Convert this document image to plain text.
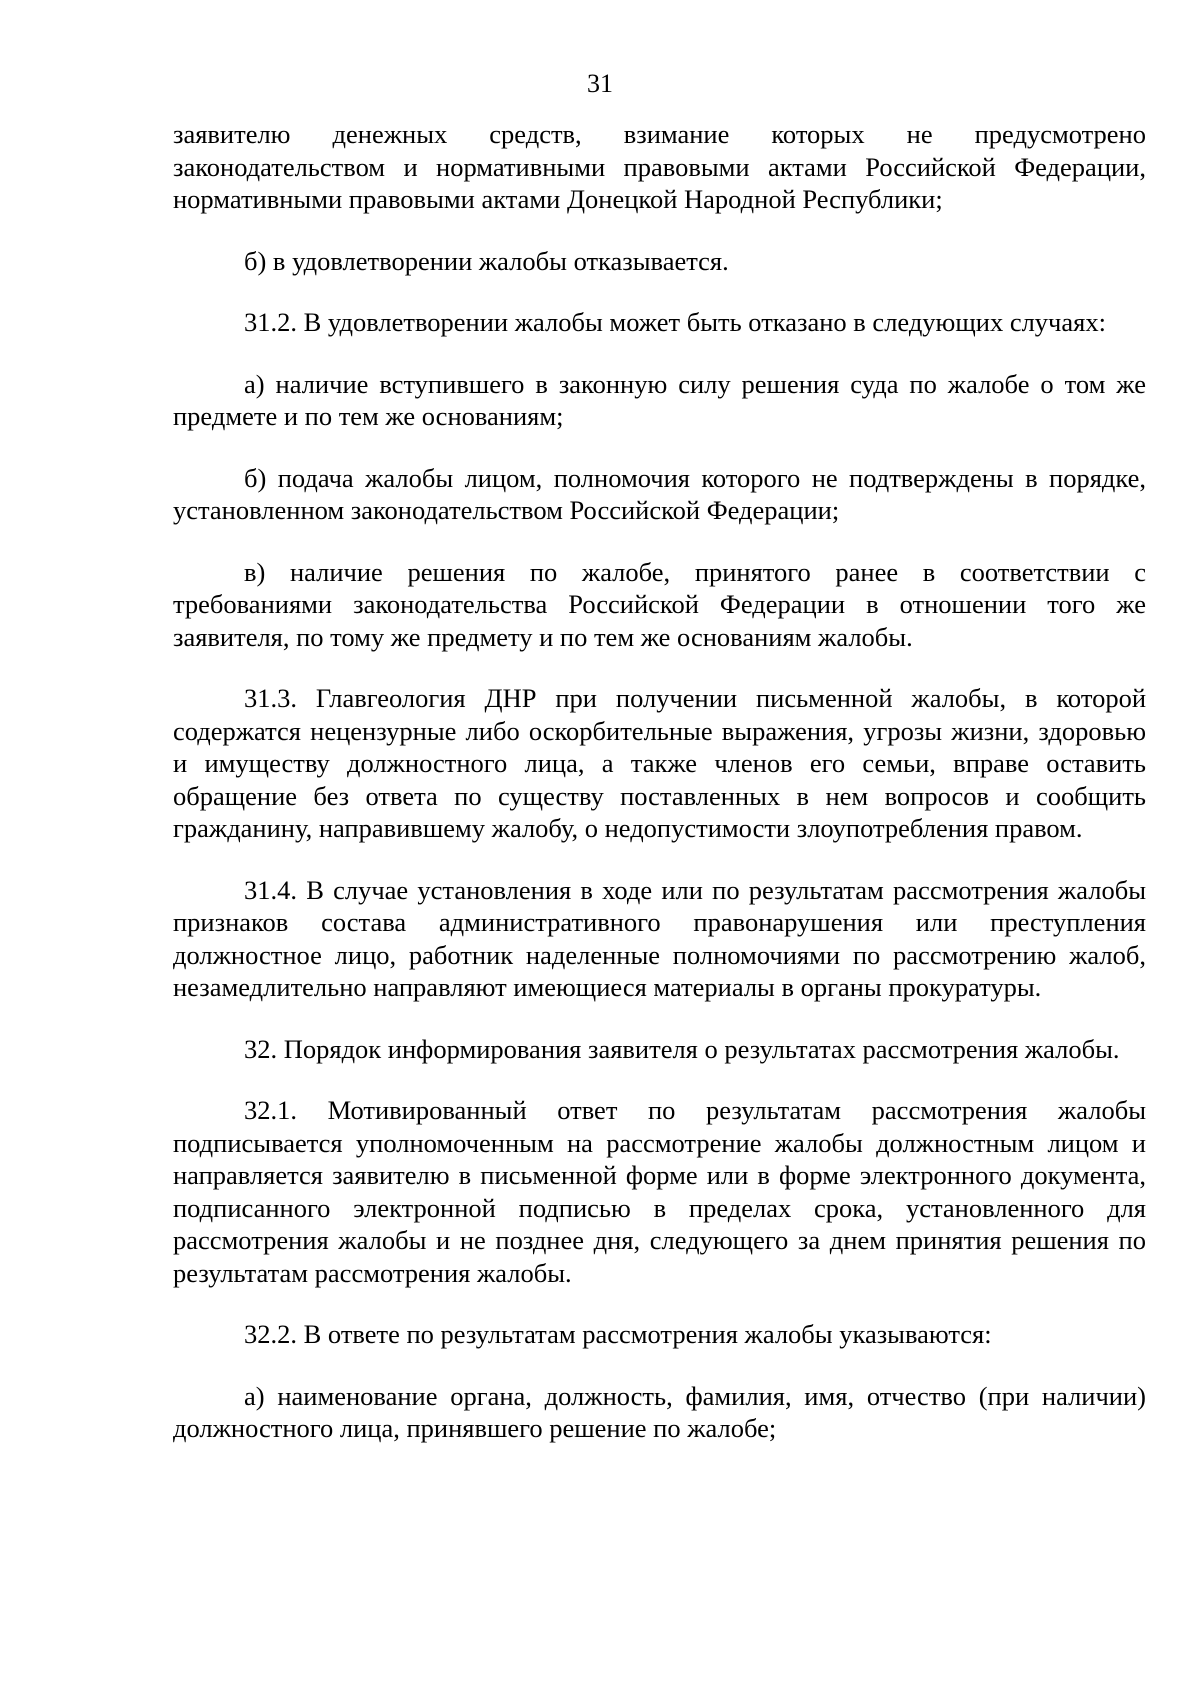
31

заявителю денежных средств, взимание которых не предусмотрено законодательством и нормативными правовыми актами Российской Федерации, нормативными правовыми актами Донецкой Народной Республики;

б) в удовлетворении жалобы отказывается.

31.2. В удовлетворении жалобы может быть отказано в следующих случаях:

а) наличие вступившего в законную силу решения суда по жалобе о том же предмете и по тем же основаниям;

б) подача жалобы лицом, полномочия которого не подтверждены в порядке, установленном законодательством Российской Федерации;

в) наличие решения по жалобе, принятого ранее в соответствии с требованиями законодательства Российской Федерации в отношении того же заявителя, по тому же предмету и по тем же основаниям жалобы.

31.3. Главгеология ДНР при получении письменной жалобы, в которой содержатся нецензурные либо оскорбительные выражения, угрозы жизни, здоровью и имуществу должностного лица, а также членов его семьи, вправе оставить обращение без ответа по существу поставленных в нем вопросов и сообщить гражданину, направившему жалобу, о недопустимости злоупотребления правом.

31.4. В случае установления в ходе или по результатам рассмотрения жалобы признаков состава административного правонарушения или преступления должностное лицо, работник наделенные полномочиями по рассмотрению жалоб, незамедлительно направляют имеющиеся материалы в органы прокуратуры.

32. Порядок информирования заявителя о результатах рассмотрения жалобы.

32.1. Мотивированный ответ по результатам рассмотрения жалобы подписывается уполномоченным на рассмотрение жалобы должностным лицом и направляется заявителю в письменной форме или в форме электронного документа, подписанного электронной подписью в пределах срока, установленного для рассмотрения жалобы и не позднее дня, следующего за днем принятия решения по результатам рассмотрения жалобы.

32.2. В ответе по результатам рассмотрения жалобы указываются:

а) наименование органа, должность, фамилия, имя, отчество (при наличии) должностного лица, принявшего решение по жалобе;
